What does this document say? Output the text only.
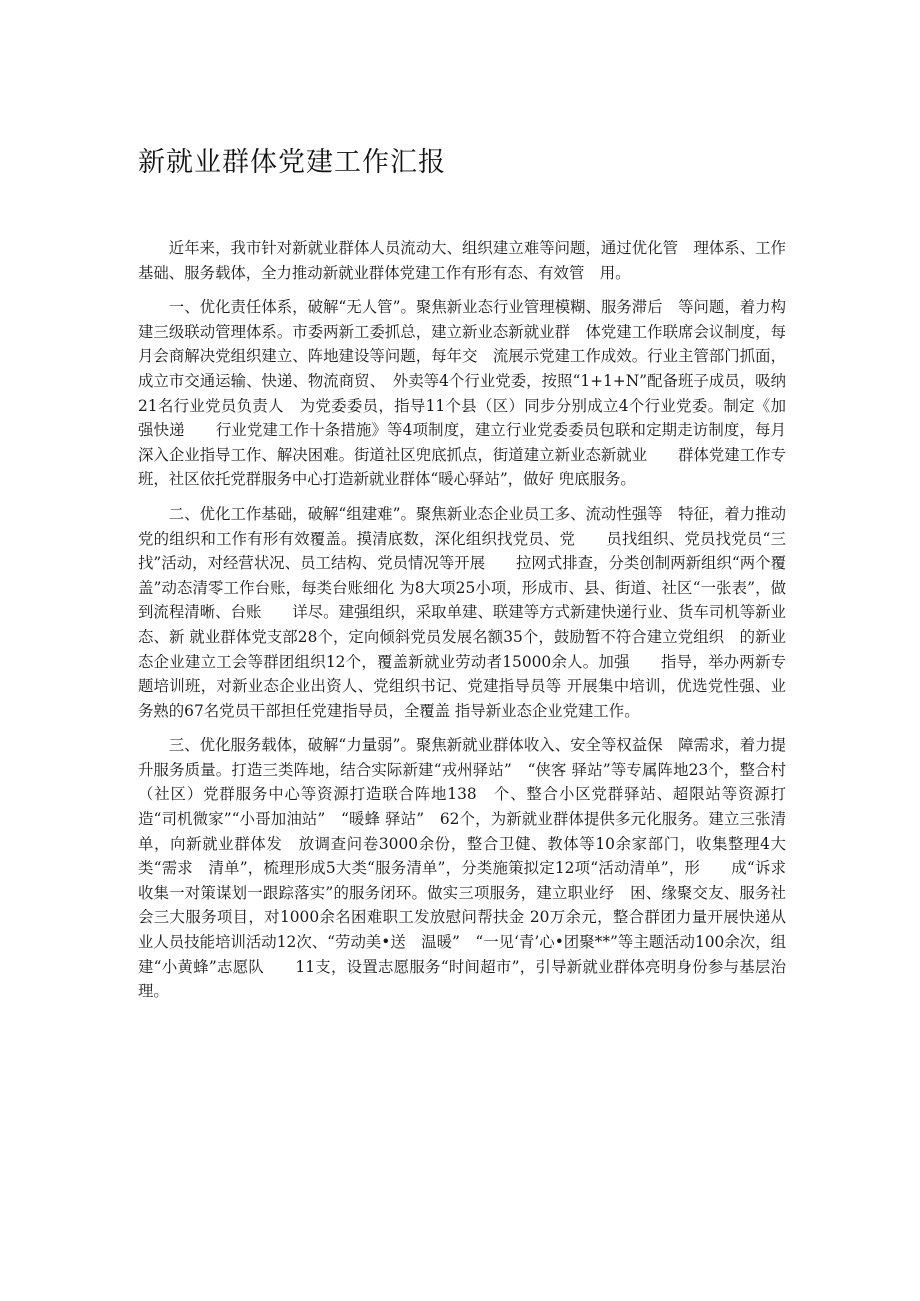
新就业群体党建工作汇报

近年来，我市针对新就业群体人员流动大、组织建立难等问题，通过优化管　理体系、工作基础、服务载体，全力推动新就业群体党建工作有形有态、有效管　用。

一、优化责任体系，破解“无人管”。聚焦新业态行业管理模糊、服务滞后　等问题，着力构建三级联动管理体系。市委两新工委抓总，建立新业态新就业群　体党建工作联席会议制度，每月会商解决党组织建立、阵地建设等问题，每年交　流展示党建工作成效。行业主管部门抓面，成立市交通运输、快递、物流商贸、　外卖等4个行业党委，按照“1+1+N”配备班子成员，吸纳21名行业党员负责人　为党委委员，指导11个县（区）同步分别成立4个行业党委。制定《加强快递　　行业党建工作十条措施》等4项制度，建立行业党委委员包联和定期走访制度，每月深入企业指导工作、解决困难。街道社区兜底抓点，街道建立新业态新就业　　群体党建工作专班，社区依托党群服务中心打造新就业群体“暖心驿站”，做好 兜底服务。

二、优化工作基础，破解“组建难”。聚焦新业态企业员工多、流动性强等　特征，着力推动党的组织和工作有形有效覆盖。摸清底数，深化组织找党员、党　　员找组织、党员找党员“三找”活动，对经营状况、员工结构、党员情况等开展　　拉网式排查，分类创制两新组织“两个覆盖”动态清零工作台账，每类台账细化 为8大项25小项，形成市、县、街道、社区“一张表”，做到流程清晰、台账　　详尽。建强组织，采取单建、联建等方式新建快递行业、货车司机等新业态、新 就业群体党支部28个，定向倾斜党员发展名额35个，鼓励暂不符合建立党组织　的新业态企业建立工会等群团组织12个，覆盖新就业劳动者15000余人。加强　　指导，举办两新专题培训班，对新业态企业出资人、党组织书记、党建指导员等 开展集中培训，优选党性强、业务熟的67名党员干部担任党建指导员，全覆盖 指导新业态企业党建工作。

三、优化服务载体，破解“力量弱”。聚焦新就业群体收入、安全等权益保　障需求，着力提升服务质量。打造三类阵地，结合实际新建“戎州驿站”　“侠客 驿站”等专属阵地23个，整合村（社区）党群服务中心等资源打造联合阵地138　个、整合小区党群驿站、超限站等资源打造“司机微家”“小哥加油站”　“暖蜂 驿站”　62个，为新就业群体提供多元化服务。建立三张清单，向新就业群体发　放调查问卷3000余份，整合卫健、教体等10余家部门，收集整理4大类“需求　清单”，梳理形成5大类“服务清单”，分类施策拟定12项“活动清单”，形　　成“诉求收集一对策谋划一跟踪落实”的服务闭环。做实三项服务，建立职业纾　困、缘聚交友、服务社会三大服务项目，对1000余名困难职工发放慰问帮扶金 20万余元，整合群团力量开展快递从业人员技能培训活动12次、“劳动美•送　温暖”　“一见‘青’心•团聚**”等主题活动100余次，组建“小黄蜂”志愿队　　11支，设置志愿服务“时间超市”，引导新就业群体亮明身份参与基层治理。
